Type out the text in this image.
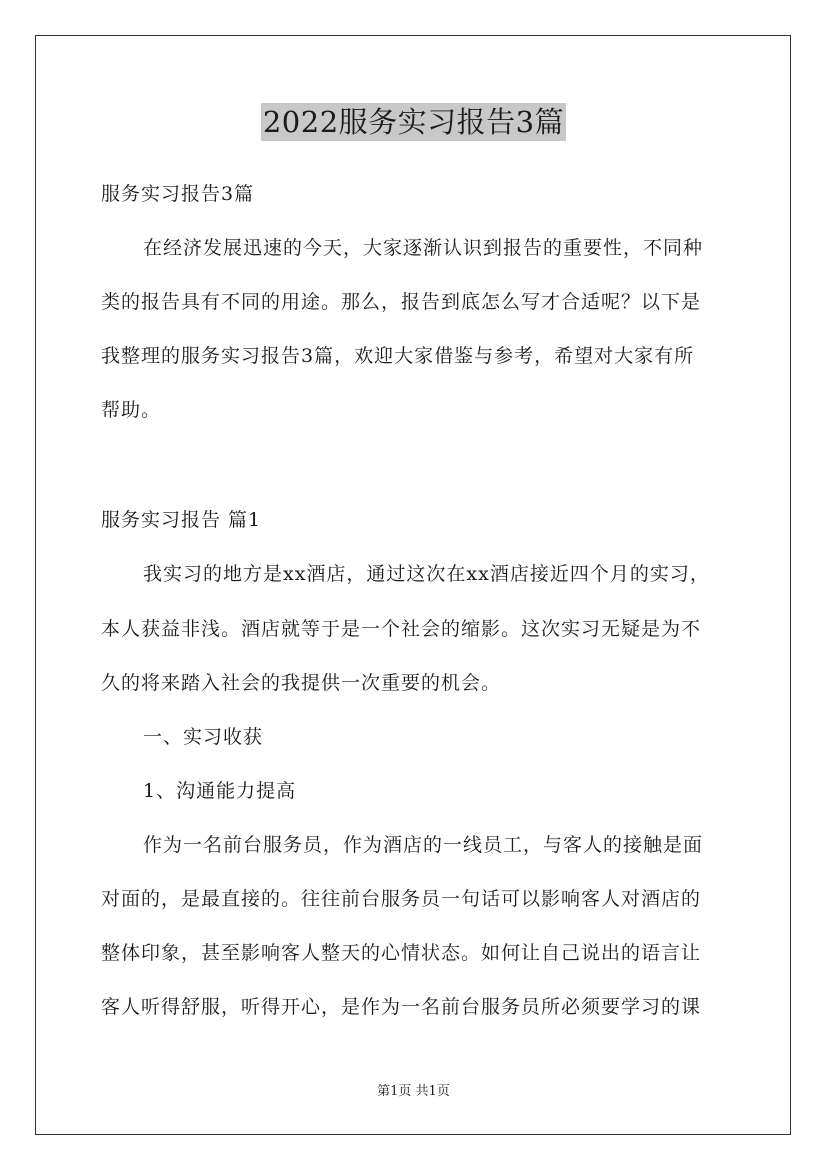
2022服务实习报告3篇
服务实习报告3篇
在经济发展迅速的今天，大家逐渐认识到报告的重要性，不同种
类的报告具有不同的用途。那么，报告到底怎么写才合适呢？以下是
我整理的服务实习报告3篇，欢迎大家借鉴与参考，希望对大家有所
帮助。
服务实习报告 篇1
我实习的地方是xx酒店，通过这次在xx酒店接近四个月的实习，
本人获益非浅。酒店就等于是一个社会的缩影。这次实习无疑是为不
久的将来踏入社会的我提供一次重要的机会。
一、实习收获
1、沟通能力提高
作为一名前台服务员，作为酒店的一线员工，与客人的接触是面
对面的，是最直接的。往往前台服务员一句话可以影响客人对酒店的
整体印象，甚至影响客人整天的心情状态。如何让自己说出的语言让
客人听得舒服，听得开心，是作为一名前台服务员所必须要学习的课
第1页 共1页
